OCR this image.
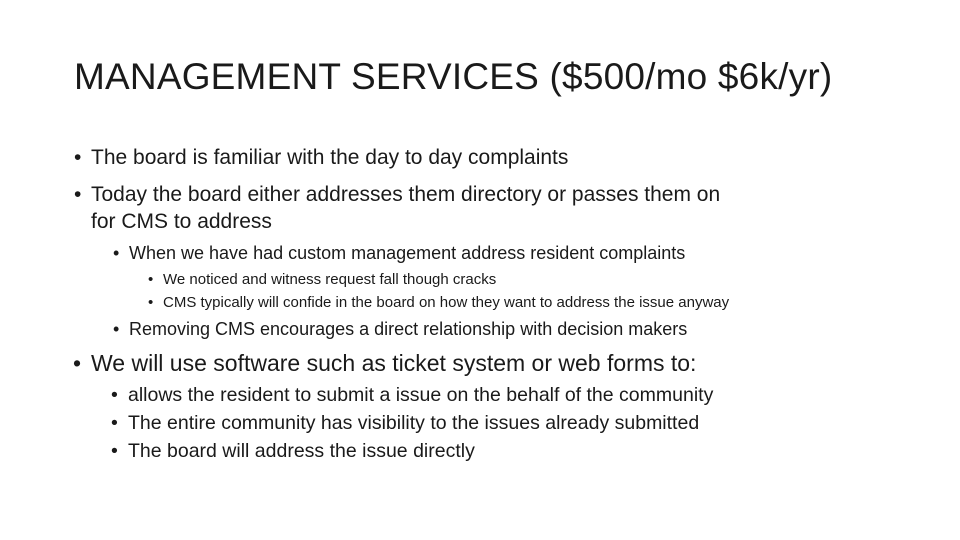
MANAGEMENT SERVICES ($500/mo $6k/yr)
• The board is familiar with the day to day complaints
• Today the board either addresses them directory or passes them on
for CMS to address
• When we have had custom management address resident complaints
• We noticed and witness request fall though cracks
• CMS typically will confide in the board on how they want to address the issue anyway
• Removing CMS encourages a direct relationship with decision makers
• We will use software such as ticket system or web forms to:
• allows the resident to submit a issue on the behalf of the community
• The entire community has visibility to the issues already submitted
• The board will address the issue directly
